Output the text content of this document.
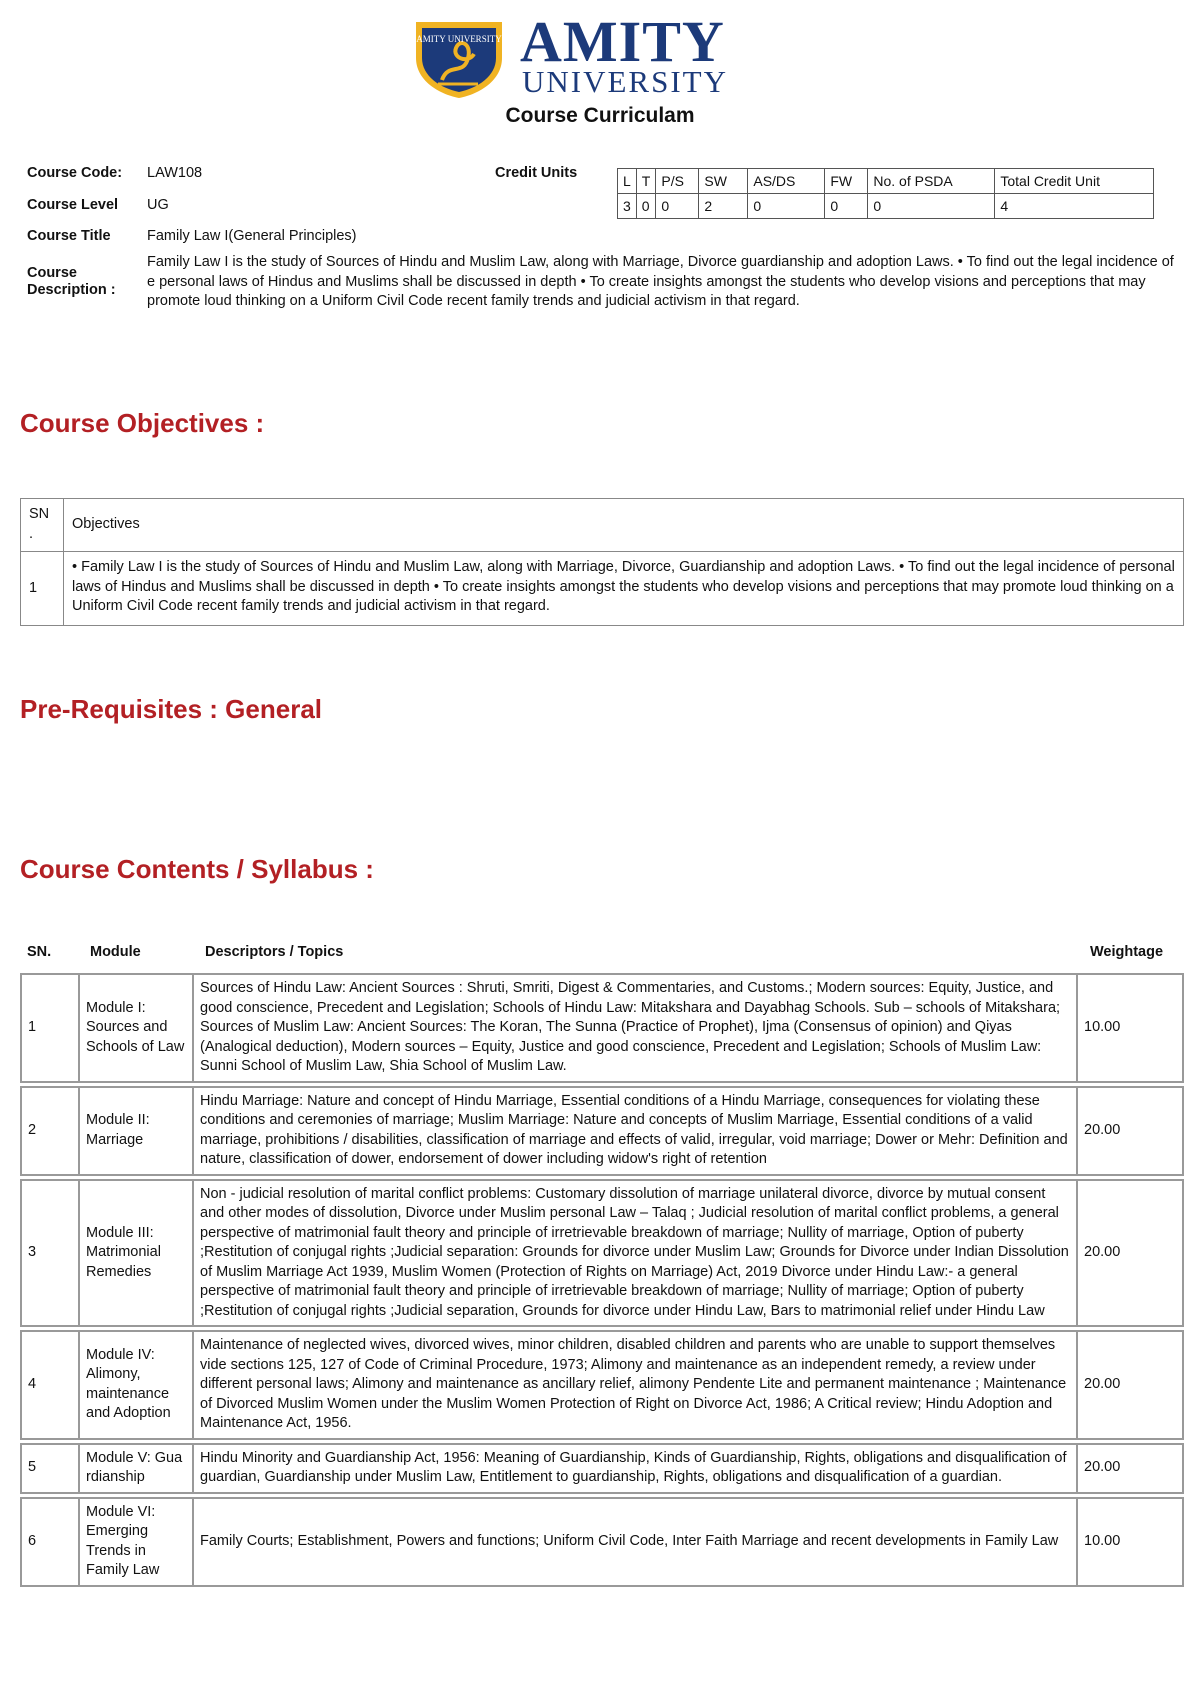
AMITY UNIVERSITY AMITY
UNIVERSITY
Course Curriculam
Course Code: LAW108
Course Level UG
Course Title	Family Law I(General Principles)
Course
Description :
Family Law I is the study of Sources of Hindu and Muslim Law, along with Marriage, Divorce guardianship and adoption Laws. • To find out the legal incidence of e personal laws of Hindus and Muslims shall be discussed in depth • To create insights amongst the students who develop visions and perceptions that may promote loud thinking on a Uniform Civil Code recent family trends and judicial activism in that regard.
Credit Units	L	T	P/S	SW	AS/DS	FW	No. of PSDA	Total Credit Unit
3	0	0	2	0	0	0	4
Course Objectives :
SN
.	Objectives
1	• Family Law I is the study of Sources of Hindu and Muslim Law, along with Marriage, Divorce, Guardianship and adoption Laws. • To find out the legal incidence of personal laws of Hindus and Muslims shall be discussed in depth • To create insights amongst the students who develop visions and perceptions that may promote loud thinking on a Uniform Civil Code recent family trends and judicial activism in that regard.
Pre-Requisites : General
Course Contents / Syllabus :
SN.	Module	Descriptors / Topics	Weightage
1	Module I: Sources and Schools of Law	Sources of Hindu Law: Ancient Sources : Shruti, Smriti, Digest & Commentaries, and Customs.; Modern sources: Equity, Justice, and good conscience, Precedent and Legislation; Schools of Hindu Law: Mitakshara and Dayabhag Schools. Sub – schools of Mitakshara; Sources of Muslim Law: Ancient Sources: The Koran, The Sunna (Practice of Prophet), Ijma (Consensus of opinion) and Qiyas (Analogical deduction), Modern sources – Equity, Justice and good conscience, Precedent and Legislation; Schools of Muslim Law: Sunni School of Muslim Law, Shia School of Muslim Law.	10.00
2	Module II: Marriage	Hindu Marriage: Nature and concept of Hindu Marriage, Essential conditions of a Hindu Marriage, consequences for violating these conditions and ceremonies of marriage; Muslim Marriage: Nature and concepts of Muslim Marriage, Essential conditions of a valid marriage, prohibitions / disabilities, classification of marriage and effects of valid, irregular, void marriage; Dower or Mehr: Definition and nature, classification of dower, endorsement of dower including widow's right of retention	20.00
3	Module III: Matrimonial Remedies	Non - judicial resolution of marital conflict problems: Customary dissolution of marriage unilateral divorce, divorce by mutual consent and other modes of dissolution, Divorce under Muslim personal Law – Talaq ; Judicial resolution of marital conflict problems, a general perspective of matrimonial fault theory and principle of irretrievable breakdown of marriage; Nullity of marriage, Option of puberty ;Restitution of conjugal rights ;Judicial separation: Grounds for divorce under Muslim Law; Grounds for Divorce under Indian Dissolution of Muslim Marriage Act 1939, Muslim Women (Protection of Rights on Marriage) Act, 2019 Divorce under Hindu Law:- a general perspective of matrimonial fault theory and principle of irretrievable breakdown of marriage; Nullity of marriage; Option of puberty ;Restitution of conjugal rights ;Judicial separation, Grounds for divorce under Hindu Law, Bars to matrimonial relief under Hindu Law	20.00
4	Module IV: Alimony, maintenance and Adoption	Maintenance of neglected wives, divorced wives, minor children, disabled children and parents who are unable to support themselves vide sections 125, 127 of Code of Criminal Procedure, 1973; Alimony and maintenance as an independent remedy, a review under different personal laws; Alimony and maintenance as ancillary relief, alimony Pendente Lite and permanent maintenance ; Maintenance of Divorced Muslim Women under the Muslim Women Protection of Right on Divorce Act, 1986; A Critical review; Hindu Adoption and Maintenance Act, 1956.	20.00
5	Module V: Guardianship	Hindu Minority and Guardianship Act, 1956: Meaning of Guardianship, Kinds of Guardianship, Rights, obligations and disqualification of guardian, Guardianship under Muslim Law, Entitlement to guardianship, Rights, obligations and disqualification of a guardian.	20.00
6	Module VI: Emerging Trends in Family Law	Family Courts; Establishment, Powers and functions; Uniform Civil Code, Inter Faith Marriage and recent developments in Family Law	10.00
